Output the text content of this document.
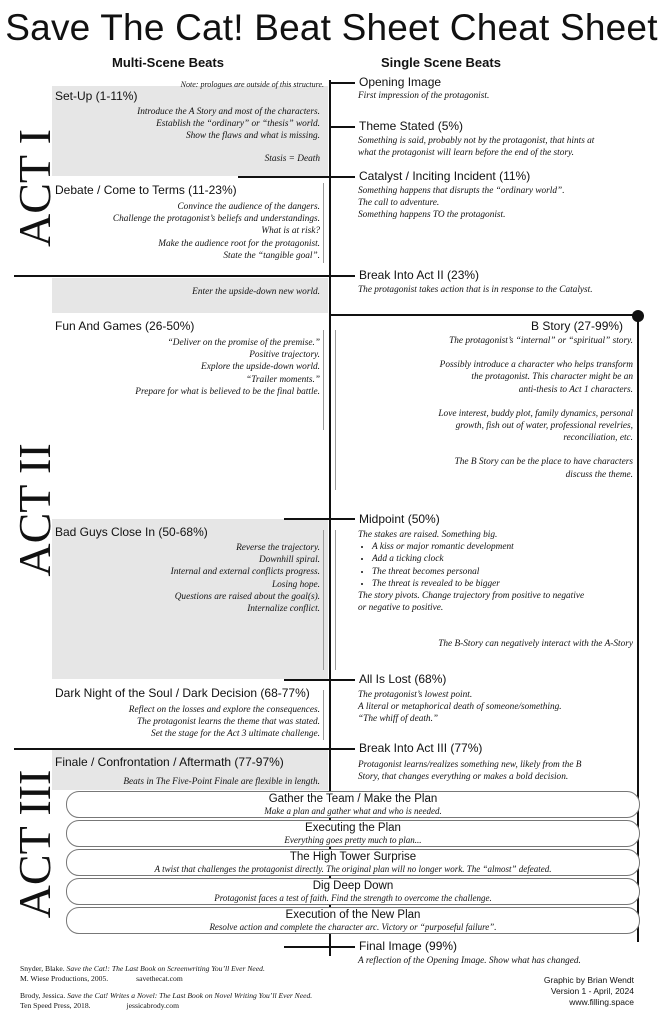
Save The Cat! Beat Sheet Cheat Sheet
Multi-Scene Beats	Single Scene Beats
ACT I
ACT II
ACT III
Note: prologues are outside of this structure.
Set-Up (1-11%)
Introduce the A Story and most of the characters.
Establish the “ordinary” or “thesis” world.
Show the flaws and what is missing.
Stasis = Death
Debate / Come to Terms (11-23%)
Convince the audience of the dangers.
Challenge the protagonist’s beliefs and understandings.
What is at risk?
Make the audience root for the protagonist.
State the “tangible goal”.
Enter the upside-down new world.
Fun And Games (26-50%)
“Deliver on the promise of the premise.”
Positive trajectory.
Explore the upside-down world.
“Trailer moments.”
Prepare for what is believed to be the final battle.
Bad Guys Close In (50-68%)
Reverse the trajectory.
Downhill spiral.
Internal and external conflicts progress.
Losing hope.
Questions are raised about the goal(s).
Internalize conflict.
Dark Night of the Soul / Dark Decision (68-77%)
Reflect on the losses and explore the consequences.
The protagonist learns the theme that was stated.
Set the stage for the Act 3 ultimate challenge.
Finale / Confrontation / Aftermath (77-97%)
Beats in The Five-Point Finale are flexible in length.
Opening Image
First impression of the protagonist.
Theme Stated (5%)
Something is said, probably not by the protagonist, that hints at
what the protagonist will learn before the end of the story.
Catalyst / Inciting Incident (11%)
Something happens that disrupts the “ordinary world”.
The call to adventure.
Something happens TO the protagonist.
Break Into Act II (23%)
The protagonist takes action that is in response to the Catalyst.
B Story (27-99%)
The protagonist’s “internal” or “spiritual” story.
Possibly introduce a character who helps transform
the protagonist. This character might be an
anti-thesis to Act 1 characters.
Love interest, buddy plot, family dynamics, personal
growth, fish out of water, professional revelries,
reconciliation, etc.
The B Story can be the place to have characters
discuss the theme.
Midpoint (50%)
The stakes are raised. Something big.
• A kiss or major romantic development
• Add a ticking clock
• The threat becomes personal
• The threat is revealed to be bigger
The story pivots. Change trajectory from positive to negative
or negative to positive.
The B-Story can negatively interact with the A-Story
All Is Lost (68%)
The protagonist’s lowest point.
A literal or metaphorical death of someone/something.
“The whiff of death.”
Break Into Act III (77%)
Protagonist learns/realizes something new, likely from the B
Story, that changes everything or makes a bold decision.
Gather the Team / Make the Plan
Make a plan and gather what and who is needed.
Executing the Plan
Everything goes pretty much to plan...
The High Tower Surprise
A twist that challenges the protagonist directly. The original plan will no longer work. The “almost” defeated.
Dig Deep Down
Protagonist faces a test of faith. Find the strength to overcome the challenge.
Execution of the New Plan
Resolve action and complete the character arc. Victory or “purposeful failure”.
Final Image (99%)
A reflection of the Opening Image. Show what has changed.
Snyder, Blake. Save the Cat!: The Last Book on Screenwriting You’ll Ever Need.
M. Wiese Productions, 2005.	savethecat.com
Brody, Jessica. Save the Cat! Writes a Novel: The Last Book on Novel Writing You’ll Ever Need.
Ten Speed Press, 2018.	jessicabrody.com
Graphic by Brian Wendt
Version 1 - April, 2024
www.filling.space
